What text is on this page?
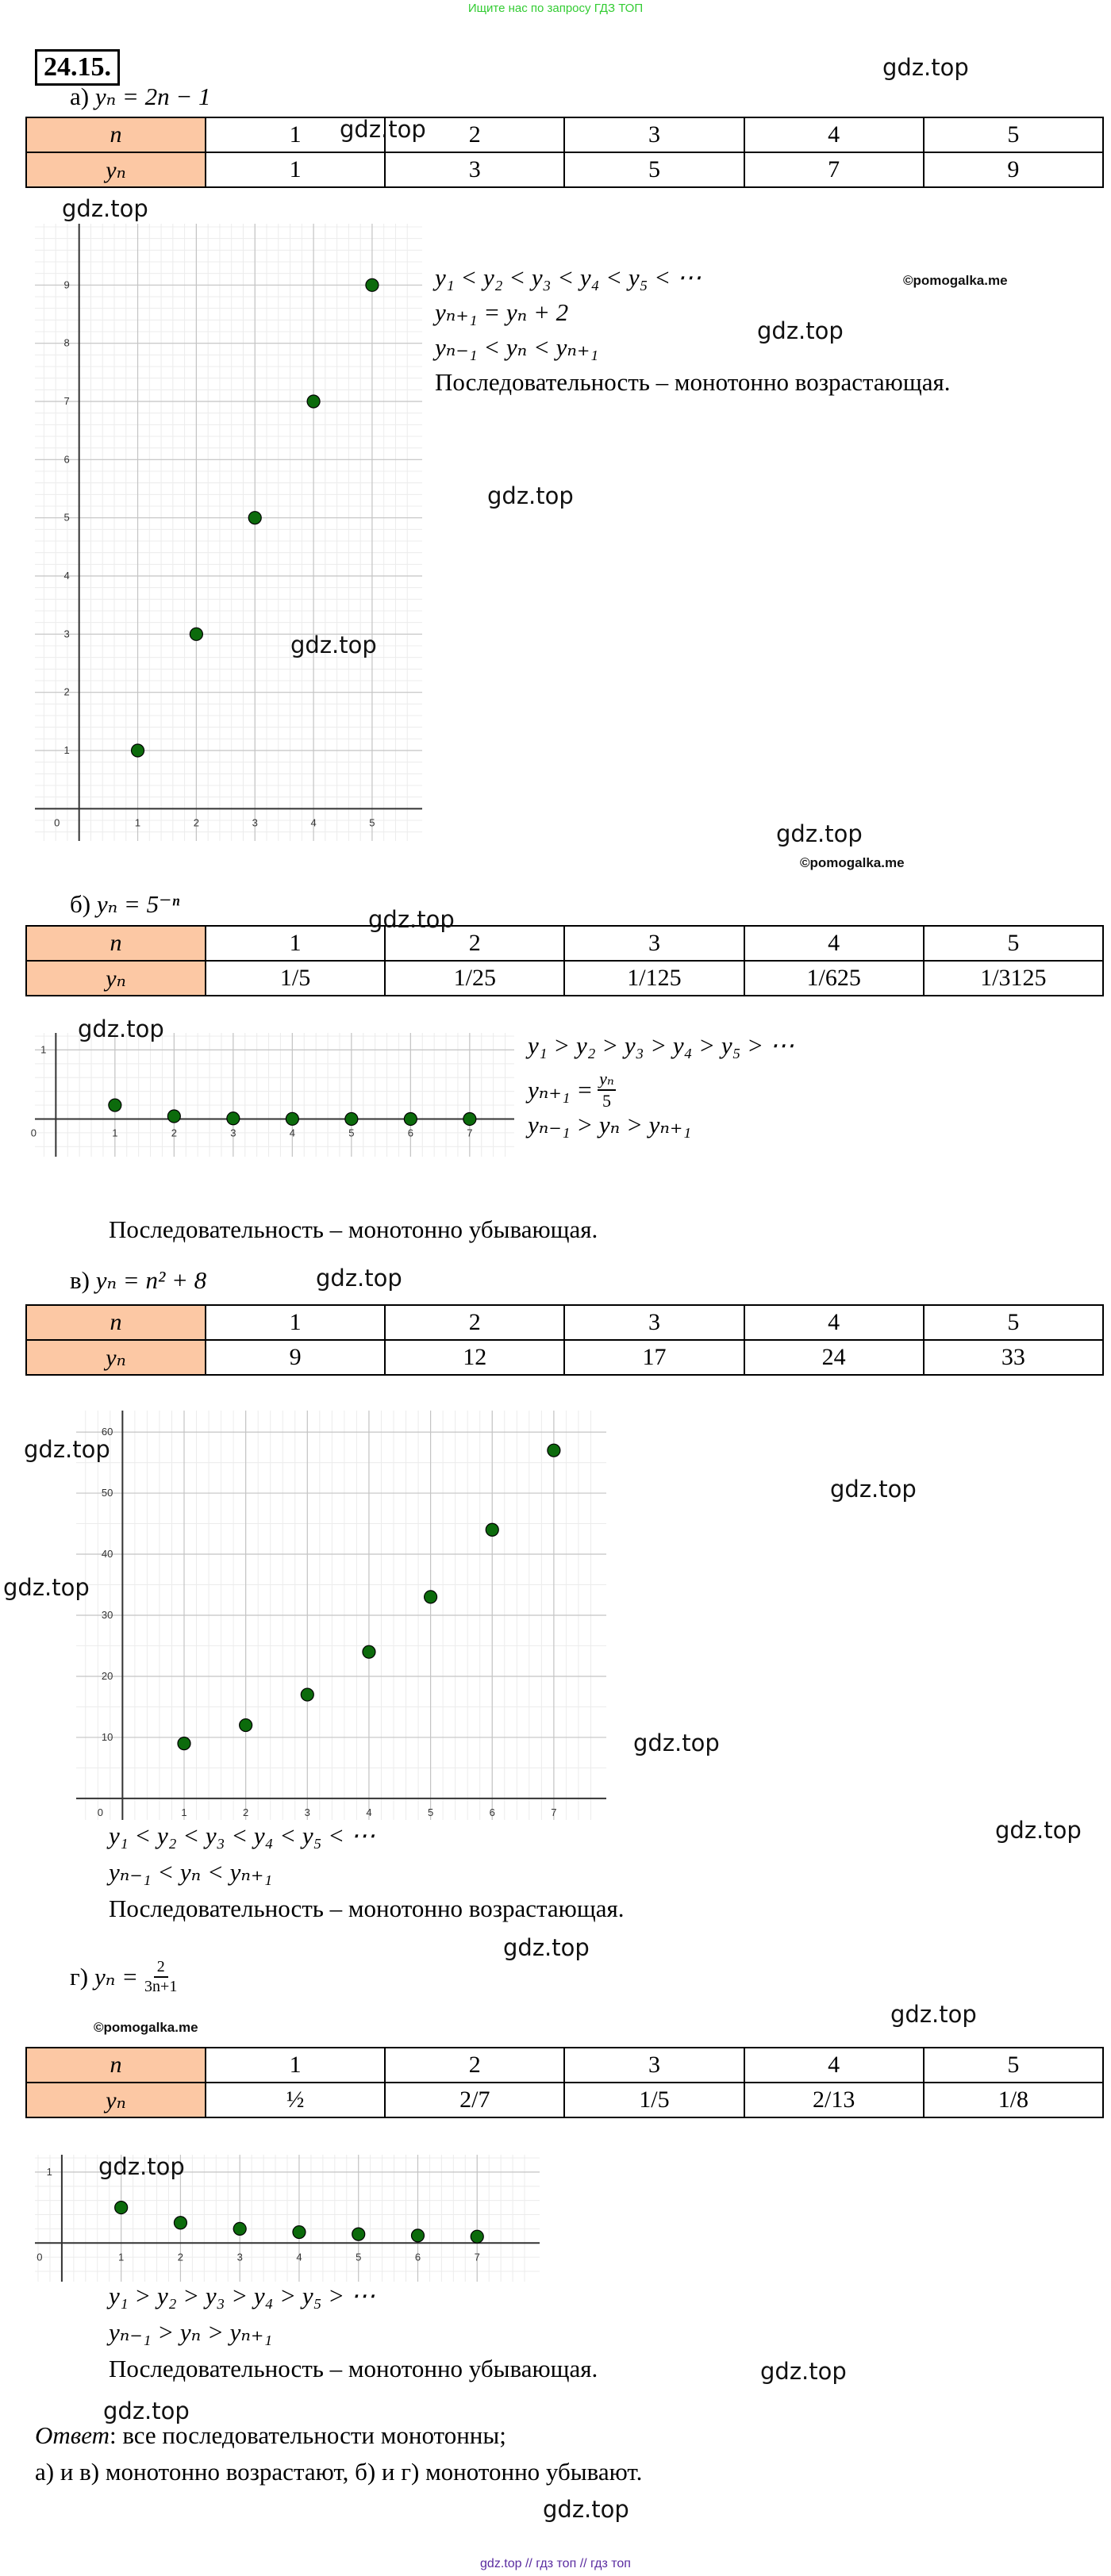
Ищите нас по запросу ГДЗ ТОП
24.15.
а) yₙ = 2n − 1
n	1	2	3	4	5
yₙ	1	3	5	7	9
0	1	2	3	4	5
1
2
3
4
5
6
7
8
9	y₁ < y₂ < y₃ < y₄ < y₅ < ⋯
yₙ₊₁ = yₙ + 2
yₙ₋₁ < yₙ < yₙ₊₁
Последовательность – монотонно возрастающая.
б) yₙ = 5⁻ⁿ
n	1	2	3	4	5
yₙ	1/5	1/25	1/125	1/625	1/3125
0	1	2	3	4	5	6	7
1	y₁ > y₂ > y₃ > y₄ > y₅ > ⋯
$y_{n+1} = \frac{\text{yₙ}}{5}$
yₙ₋₁ > yₙ > yₙ₊₁
Последовательность – монотонно убывающая.
в) yₙ = n² + 8
n	1	2	3	4	5
yₙ	9	12	17	24	33
0	1	2	3	4	5	6	7
10
20
30
40
50
60
y₁ < y₂ < y₃ < y₄ < y₅ < ⋯
yₙ₋₁ < yₙ < yₙ₊₁
Последовательность – монотонно возрастающая.
г) $y_n = \frac{2}{3n+1}$
n	1	2	3	4	5
yₙ	½	2/7	1/5	2/13	1/8
0	1	2	3	4	5	6	7
1
y₁ > y₂ > y₃ > y₄ > y₅ > ⋯
yₙ₋₁ > yₙ > yₙ₊₁
Последовательность – монотонно убывающая.
Ответ: все последовательности монотонны;
а) и в) монотонно возрастают, б) и г) монотонно убывают.
gdz.top
gdz.top
gdz.top
©pomogalka.me
gdz.top
gdz.top
gdz.top
gdz.top
©pomogalka.me
gdz.top
gdz.top
gdz.top
gdz.top
gdz.top
gdz.top
gdz.top
gdz.top
gdz.top
©pomogalka.me	gdz.top
gdz.top
gdz.top
gdz.top
gdz.top
gdz.top // гдз топ // гдз топ
